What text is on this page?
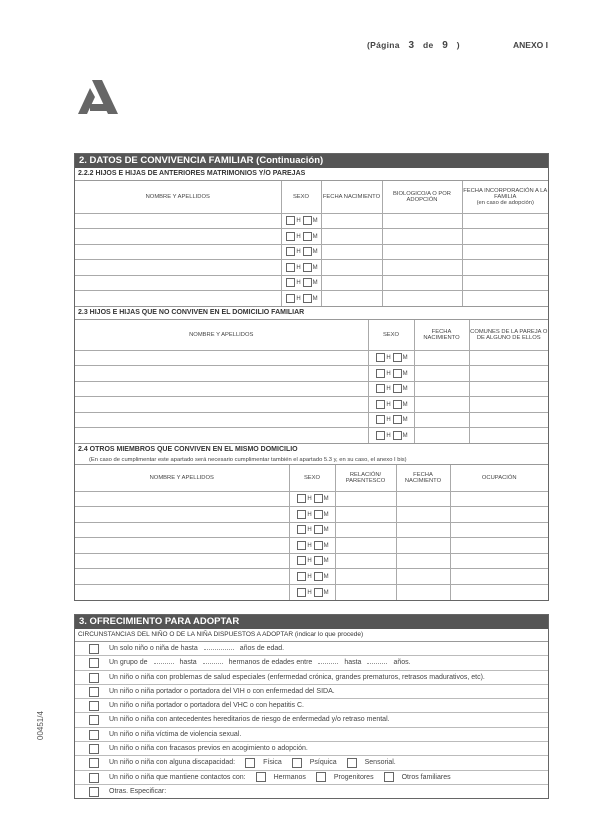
(Página 3 de 9 )	ANEXO I
00451/4
2. DATOS DE CONVIVENCIA FAMILIAR (Continuación)
2.2.2 HIJOS E HIJAS DE ANTERIORES MATRIMONIOS Y/O PAREJAS
NOMBRE Y APELLIDOS	SEXO	FECHA NACIMIENTO	BIOLOGICO/A O POR ADOPCIÓN	FECHA INCORPORACIÓN A LA FAMILIA
(en caso de adopción)
	H M			
	H M			
	H M			
	H M			
	H M			
	H M			
2.3 HIJOS E HIJAS QUE NO CONVIVEN EN EL DOMICILIO FAMILIAR
NOMBRE Y APELLIDOS	SEXO	FECHA NACIMIENTO	COMUNES DE LA PAREJA O DE ALGUNO DE ELLOS
	H M		
	H M		
	H M		
	H M		
	H M		
	H M		
2.4 OTROS MIEMBROS QUE CONVIVEN EN EL MISMO DOMICILIO
(En caso de cumplimentar este apartado será necesario cumplimentar también el apartado 5.3 y, en su caso, el anexo I bis)
NOMBRE Y APELLIDOS	SEXO	RELACIÓN/ PARENTESCO	FECHA NACIMIENTO	OCUPACIÓN
	H M			
	H M			
	H M			
	H M			
	H M			
	H M			
	H M			
3. OFRECIMIENTO PARA ADOPTAR
CIRCUNSTANCIAS DEL NIÑO O DE LA NIÑA DISPUESTOS A ADOPTAR (indicar lo que procede)
Un solo niño o niña de hasta	años de edad.
Un grupo de	hasta	hermanos de edades entre	hasta	años.
Un niño o niña con problemas de salud especiales (enfermedad crónica, grandes prematuros, retrasos madurativos, etc).
Un niño o niña portador o portadora del VIH o con enfermedad del SIDA.
Un niño o niña portador o portadora del VHC o con hepatitis C.
Un niño o niña con antecedentes hereditarios de riesgo de enfermedad y/o retraso mental.
Un niño o niña víctima de violencia sexual.
Un niño o niña con fracasos previos en acogimiento o adopción.
Un niño o niña con alguna discapacidad:	Física	Psíquica	Sensorial.
Un niño o niña que mantiene contactos con:	Hermanos	Progenitores	Otros familiares
Otras. Especificar:
